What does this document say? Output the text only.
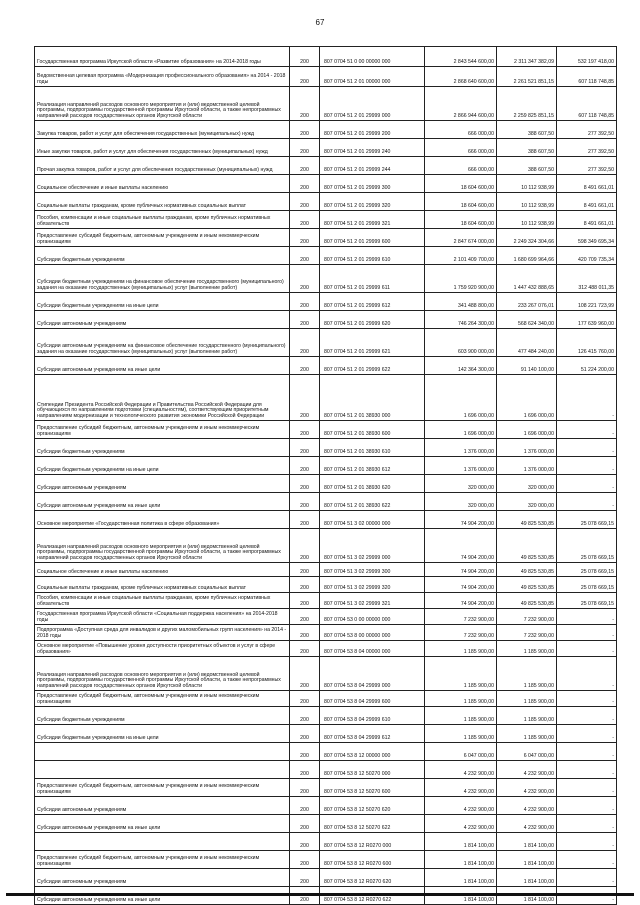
67
Государственная программа Иркутской области «Развитие образования» на 2014-2018 годы	200	807 0704 51 0 00 00000 000	2 843 544 600,00	2 311 347 382,09	532 197 418,00
Ведомственная целевая программа «Модернизация профессионального образования» на 2014 - 2018 годы	200	807 0704 51 2 01 00000 000	2 868 640 600,00	2 261 521 851,15	607 118 748,85
Реализация направлений расходов основного мероприятия и (или) ведомственной целевой программы, подпрограммы государственной программы Иркутской области, а также непрограммных направлений расходов государственных органов Иркутской области	200	807 0704 51 2 01 29999 000	2 866 944 600,00	2 259 825 851,15	607 118 748,85
Закупка товаров, работ и услуг для обеспечения государственных (муниципальных) нужд	200	807 0704 51 2 01 29999 200	666 000,00	388 607,50	277 392,50
Иные закупки товаров, работ и услуг для обеспечения государственных (муниципальных) нужд	200	807 0704 51 2 01 29999 240	666 000,00	388 607,50	277 392,50
Прочая закупка товаров, работ и услуг для обеспечения государственных (муниципальных) нужд	200	807 0704 51 2 01 29999 244	666 000,00	388 607,50	277 392,50
Социальное обеспечение и иные выплаты населению	200	807 0704 51 2 01 29999 300	18 604 600,00	10 112 938,99	8 491 661,01
Социальные выплаты гражданам, кроме публичных нормативных социальных выплат	200	807 0704 51 2 01 29999 320	18 604 600,00	10 112 938,99	8 491 661,01
Пособия, компенсации и иные социальные выплаты гражданам, кроме публичных нормативных обязательств	200	807 0704 51 2 01 29999 321	18 604 600,00	10 112 938,99	8 491 661,01
Предоставление субсидий бюджетным, автономным учреждениям и иным некоммерческим организациям	200	807 0704 51 2 01 29999 600	2 847 674 000,00	2 249 324 304,66	598 349 695,34
Субсидии бюджетным учреждениям	200	807 0704 51 2 01 29999 610	2 101 409 700,00	1 680 699 964,66	420 709 735,34
Субсидии бюджетным учреждениям на финансовое обеспечение государственного (муниципального) задания на оказание государственных (муниципальных) услуг (выполнение работ)	200	807 0704 51 2 01 29999 611	1 759 920 900,00	1 447 432 888,65	312 488 011,35
Субсидии бюджетным учреждениям на иные цели	200	807 0704 51 2 01 29999 612	341 488 800,00	233 267 076,01	108 221 723,99
Субсидии автономным учреждениям	200	807 0704 51 2 01 29999 620	746 264 300,00	568 624 340,00	177 639 960,00
Субсидии автономным учреждениям на финансовое обеспечение государственного (муниципального) задания на оказание государственных (муниципальных) услуг (выполнение работ)	200	807 0704 51 2 01 29999 621	603 900 000,00	477 484 240,00	126 415 760,00
Субсидии автономным учреждениям на иные цели	200	807 0704 51 2 01 29999 622	142 364 300,00	91 140 100,00	51 224 200,00
Стипендии Президента Российской Федерации и Правительства Российской Федерации для обучающихся по направлениям подготовки (специальностям), соответствующим приоритетным направлениям модернизации и технологического развития экономики Российской Федерации	200	807 0704 51 2 01 38930 000	1 696 000,00	1 696 000,00	-
Предоставление субсидий бюджетным, автономным учреждениям и иным некоммерческим организациям	200	807 0704 51 2 01 38930 600	1 696 000,00	1 696 000,00	-
Субсидии бюджетным учреждениям	200	807 0704 51 2 01 38930 610	1 376 000,00	1 376 000,00	-
Субсидии бюджетным учреждениям на иные цели	200	807 0704 51 2 01 38930 612	1 376 000,00	1 376 000,00	-
Субсидии автономным учреждениям	200	807 0704 51 2 01 38930 620	320 000,00	320 000,00	-
Субсидии автономным учреждениям на иные цели	200	807 0704 51 2 01 38930 622	320 000,00	320 000,00	-
Основное мероприятие «Государственная политика в сфере образования»	200	807 0704 51 3 02 00000 000	74 904 200,00	49 825 530,85	25 078 669,15
Реализация направлений расходов основного мероприятия и (или) ведомственной целевой программы, подпрограммы государственной программы Иркутской области, а также непрограммных направлений расходов государственных органов Иркутской области	200	807 0704 51 3 02 29999 000	74 904 200,00	49 825 530,85	25 078 669,15
Социальное обеспечение и иные выплаты населению	200	807 0704 51 3 02 29999 300	74 904 200,00	49 825 530,85	25 078 669,15
Социальные выплаты гражданам, кроме публичных нормативных социальных выплат	200	807 0704 51 3 02 29999 320	74 904 200,00	49 825 530,85	25 078 669,15
Пособия, компенсации и иные социальные выплаты гражданам, кроме публичных нормативных обязательств	200	807 0704 51 3 02 29999 321	74 904 200,00	49 825 530,85	25 078 669,15
Государственная программа Иркутской области «Социальная поддержка населения» на 2014-2018 годы	200	807 0704 53 0 00 00000 000	7 232 900,00	7 232 900,00	-
Подпрограмма «Доступная среда для инвалидов и других маломобильных групп населения» на 2014 - 2018 годы	200	807 0704 53 8 00 00000 000	7 232 900,00	7 232 900,00	-
Основное мероприятие «Повышение уровня доступности приоритетных объектов и услуг в сфере образования»	200	807 0704 53 8 04 00000 000	1 185 900,00	1 185 900,00	-
Реализация направлений расходов основного мероприятия и (или) ведомственной целевой программы, подпрограммы государственной программы Иркутской области, а также непрограммных направлений расходов государственных органов Иркутской области	200	807 0704 53 8 04 29999 000	1 185 900,00	1 185 900,00	-
Предоставление субсидий бюджетным, автономным учреждениям и иным некоммерческим организациям	200	807 0704 53 8 04 29999 600	1 185 900,00	1 185 900,00	-
Субсидии бюджетным учреждениям	200	807 0704 53 8 04 29999 610	1 185 900,00	1 185 900,00	-
Субсидии бюджетным учреждениям на иные цели	200	807 0704 53 8 04 29999 612	1 185 900,00	1 185 900,00	-
	200	807 0704 53 8 12 00000 000	6 047 000,00	6 047 000,00	-
	200	807 0704 53 8 12 50270 000	4 232 900,00	4 232 900,00	-
Предоставление субсидий бюджетным, автономным учреждениям и иным некоммерческим организациям	200	807 0704 53 8 12 50270 600	4 232 900,00	4 232 900,00	-
Субсидии автономным учреждениям	200	807 0704 53 8 12 50270 620	4 232 900,00	4 232 900,00	-
Субсидии автономным учреждениям на иные цели	200	807 0704 53 8 12 50270 622	4 232 900,00	4 232 900,00	-
	200	807 0704 53 8 12 R0270 000	1 814 100,00	1 814 100,00	-
Предоставление субсидий бюджетным, автономным учреждениям и иным некоммерческим организациям	200	807 0704 53 8 12 R0270 600	1 814 100,00	1 814 100,00	-
Субсидии автономным учреждениям	200	807 0704 53 8 12 R0270 620	1 814 100,00	1 814 100,00	-
Субсидии автономным учреждениям на иные цели	200	807 0704 53 8 12 R0270 622	1 814 100,00	1 814 100,00	-
